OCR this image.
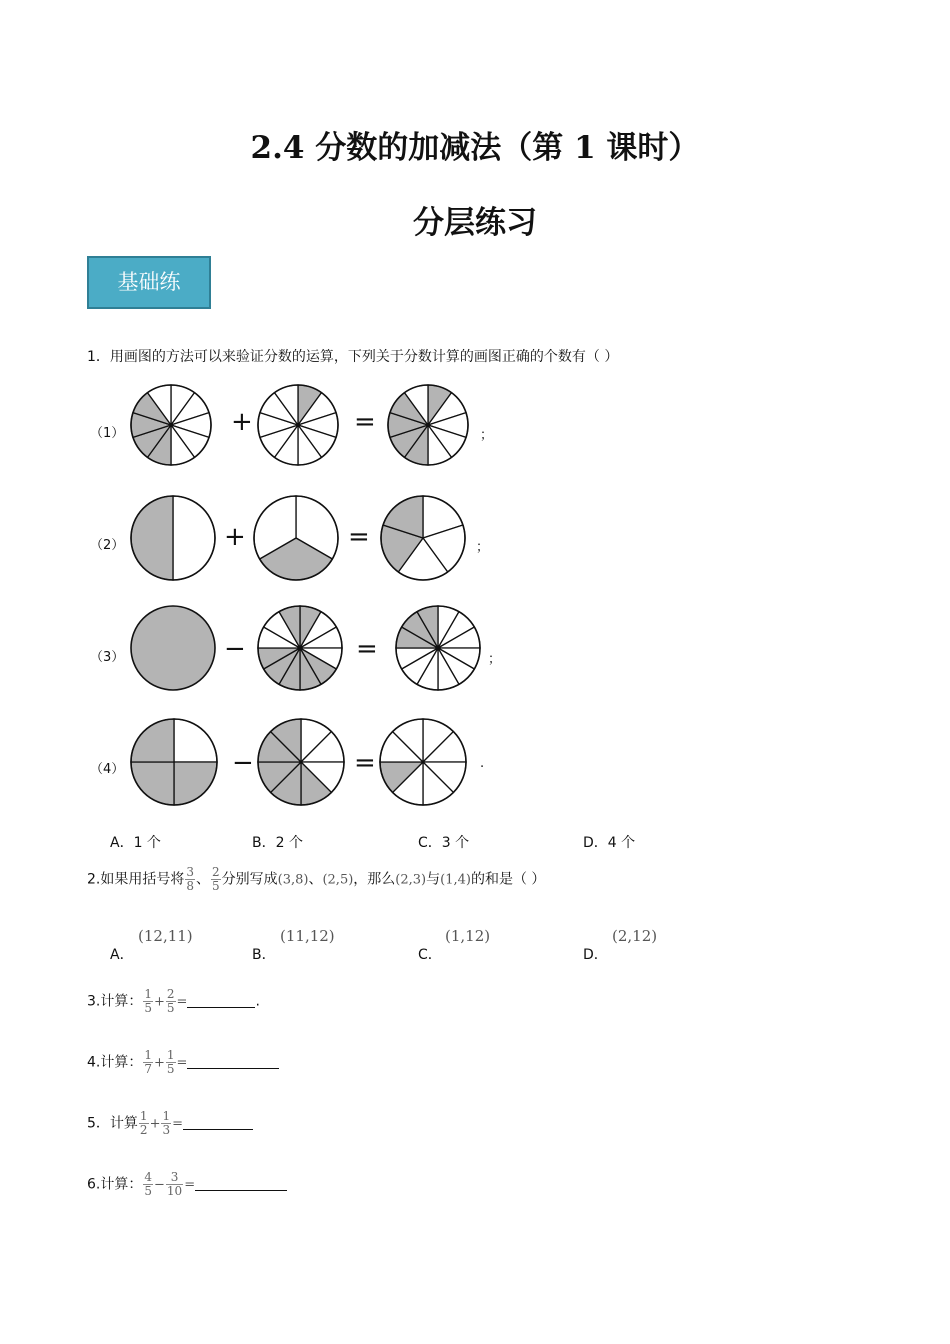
2.4 分数的加减法（第 1 课时）
分层练习
基础练
1．用画图的方法可以来验证分数的运算，下列关于分数计算的画图正确的个数有（ ）
（1）	+	=	；
（2）	+	=	；
（3）	−	=	；
（4）	−	=	.
A．1 个	B．2 个	C．3 个	D．4 个
2.如果用括号将 $\frac{3}{8}$ 、 $\frac{2}{5}$ 分别写成(3,8)、(2,5)，那么(2,3)与(1,4)的和是（ ）
A．
(12,11)
B．
(11,12)
C．
(1,12)
D．
(2,12)
3.计算： $\frac{1}{5} + \frac{2}{5}$ =	.
4.计算： $\frac{1}{7} + \frac{1}{5}$ =
5．计算 $\frac{1}{2} + \frac{1}{3}$ =
6.计算： $\frac{4}{5} - \frac{3}{10}$ =
